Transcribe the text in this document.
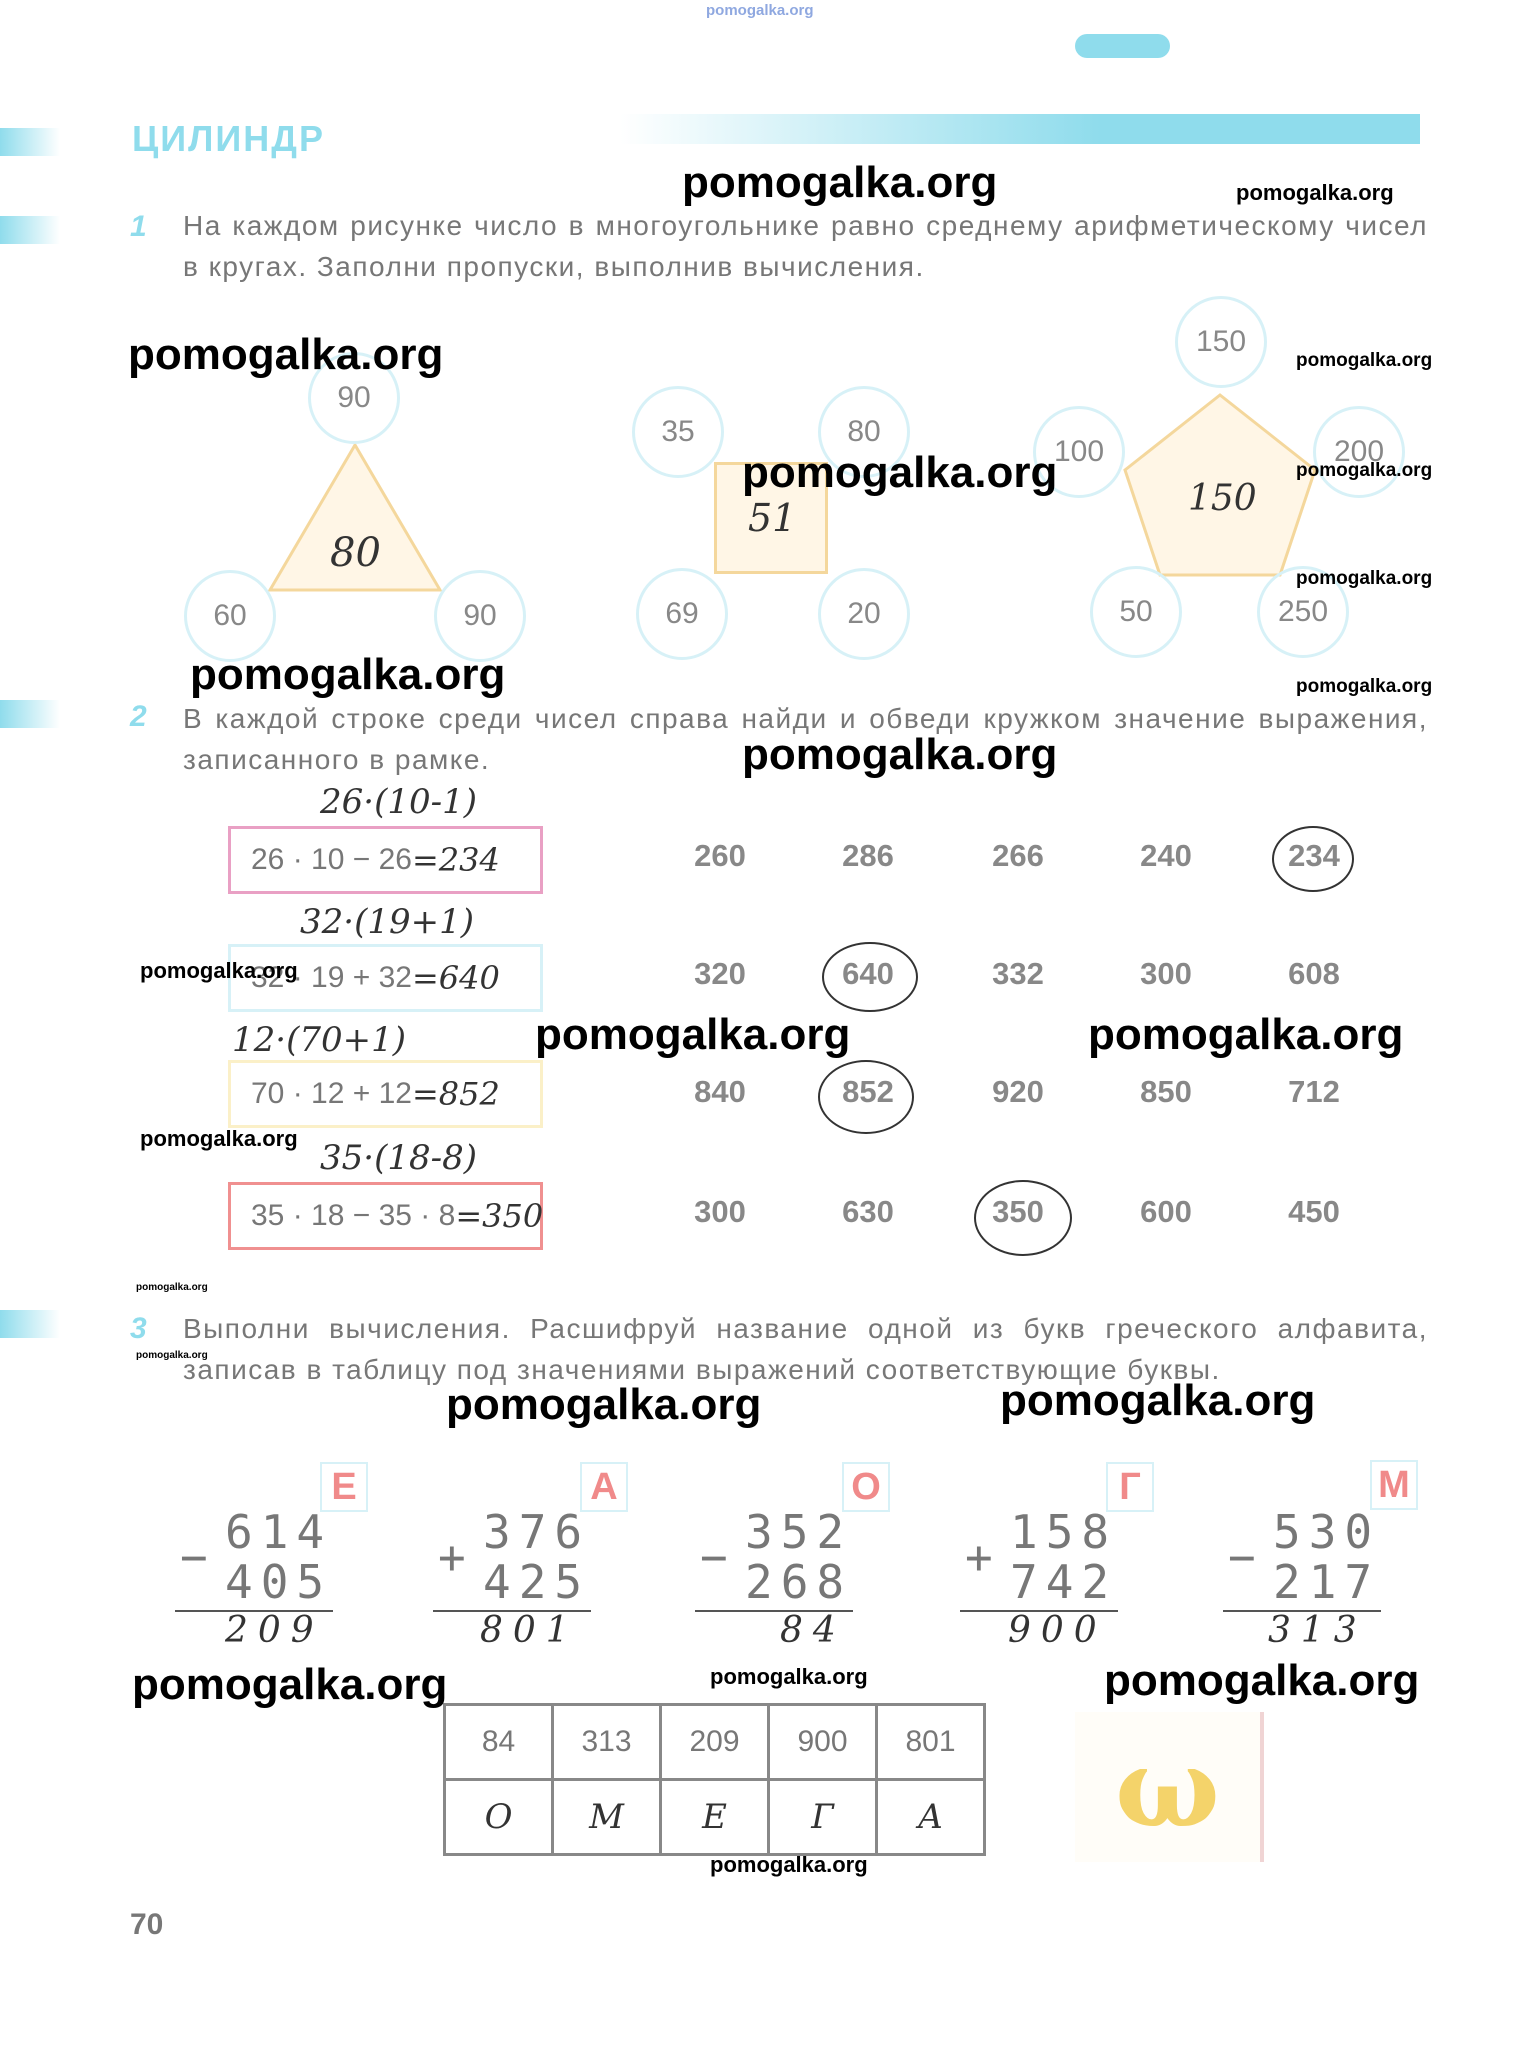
pomogalka.org
ЦИЛИНДР
1 На каждом рисунке число в многоугольнике равно среднему арифметическому чисел в кругах. Заполни пропуски, выполнив вычисления.
90
60	90
80
35	80
69	20
51
150
100	200
50	250
150
2 В каждой строке среди чисел справа найди и обведи кружком значение выражения, записанного в рамке.
26·(10-1)
26 · 10 − 26 =234	260	286	266	240	234
32·(19+1)
32 · 19 + 32 =640	320	640	332	300	608
12·(70+1)
70 · 12 + 12 =852	840	852	920	850	712
35·(18-8)
35 · 18 − 35 · 8 =350	300	630	350	600	450
3 Выполни вычисления. Расшифруй название одной из букв греческого алфавита, записав в таблицу под значениями выражений соответствующие буквы.
Е
− 614
405
209
А
+ 376
425
801
О
− 352
268
84
Г
+ 158
742
900
М
− 530
217
313
84	313	209	900	801
О	М	Е	Г	А ω
70
pomogalka.org	pomogalka.org
pomogalka.org	pomogalka.org
pomogalka.org	pomogalka.org
pomogalka.org
pomogalka.org	pomogalka.org
pomogalka.org
pomogalka.org
pomogalka.org	pomogalka.org
pomogalka.org
pomogalka.org
pomogalka.org
pomogalka.org	pomogalka.org
pomogalka.org	pomogalka.org	pomogalka.org
pomogalka.org
